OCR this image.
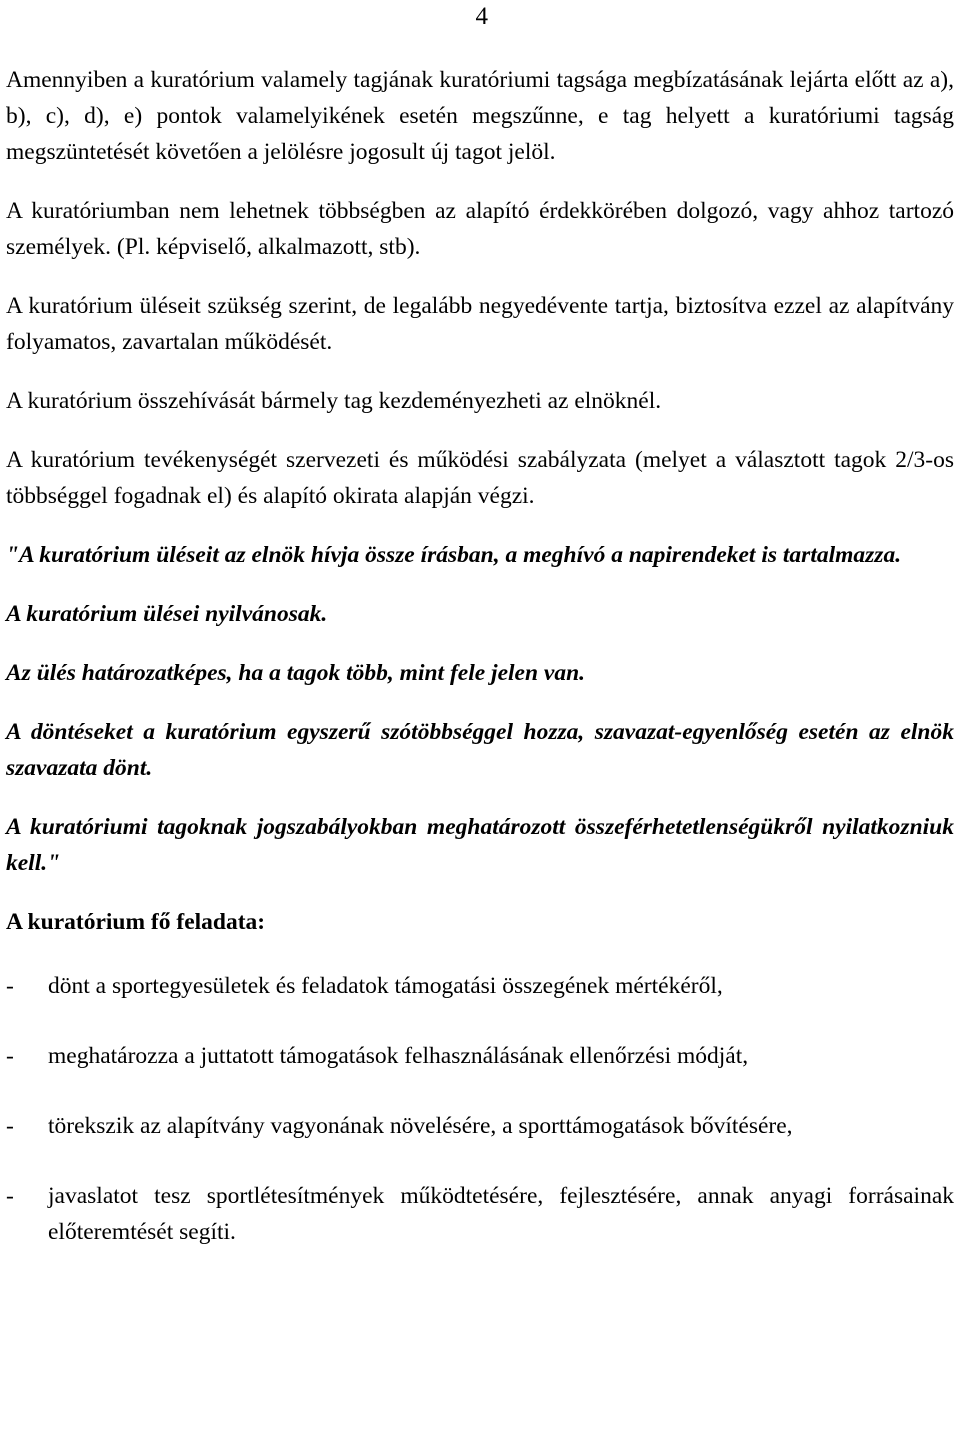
4

Amennyiben a kuratórium valamely tagjának kuratóriumi tagsága megbízatásának lejárta előtt az a), b), c), d), e) pontok valamelyikének esetén megszűnne, e tag helyett a kuratóriumi tagság megszüntetését követően a jelölésre jogosult új tagot jelöl.

A kuratóriumban nem lehetnek többségben az alapító érdekkörében dolgozó, vagy ahhoz tartozó személyek. (Pl. képviselő, alkalmazott, stb).

A kuratórium üléseit szükség szerint, de legalább negyedévente tartja, biztosítva ezzel az alapítvány folyamatos, zavartalan működését.

A kuratórium összehívását bármely tag kezdeményezheti az elnöknél.

A kuratórium tevékenységét szervezeti és működési szabályzata (melyet a választott tagok 2/3-os többséggel fogadnak el) és alapító okirata alapján végzi.

"A kuratórium üléseit az elnök hívja össze írásban, a meghívó a napirendeket is tartalmazza.

A kuratórium ülései nyilvánosak.

Az ülés határozatképes, ha a tagok több, mint fele jelen van.

A döntéseket a kuratórium egyszerű szótöbbséggel hozza, szavazat-egyenlőség esetén az elnök szavazata dönt.

A kuratóriumi tagoknak jogszabályokban meghatározott összeférhetetlenségükről nyilatkozniuk kell."

A kuratórium fő feladata:

-	dönt a sportegyesületek és feladatok támogatási összegének mértékéről,
-	meghatározza a juttatott támogatások felhasználásának ellenőrzési módját,
-	törekszik az alapítvány vagyonának növelésére, a sporttámogatások bővítésére,
-	javaslatot tesz sportlétesítmények működtetésére, fejlesztésére, annak anyagi forrásainak előteremtését segíti.
